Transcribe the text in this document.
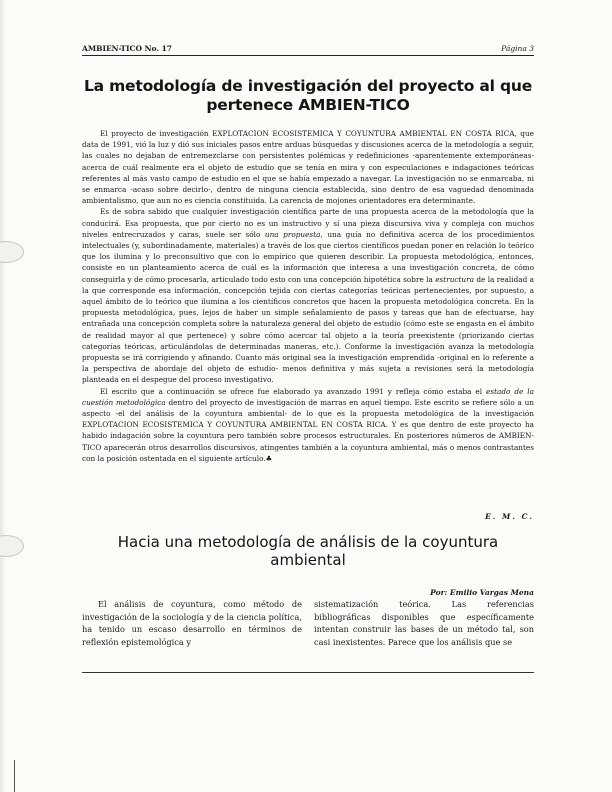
AMBIEN-TICO No. 17	Página 3
La metodología de investigación del proyecto al que pertenece AMBIEN-TICO

El proyecto de investigación EXPLOTACION ECOSISTEMICA Y COYUNTURA AMBIENTAL EN COSTA RICA, que data de 1991, vió la luz y dió sus iniciales pasos entre arduas búsquedas y discusiones acerca de la metodología a seguir, las cuales no dejaban de entremezclarse con persistentes polémicas y redefiniciones -aparentemente extemporáneas- acerca de cuál realmente era el objeto de estudio que se tenía en mira y con especulaciones e indagaciones teóricas referentes al más vasto campo de estudio en el que se había empezado a navegar. La investigación no se enmarcaba, ni se enmarca -acaso sobre decirlo-, dentro de ninguna ciencia establecida, sino dentro de esa vaguedad denominada ambientalismo, que aun no es ciencia constituida. La carencia de mojones orientadores era determinante.

Es de sobra sabido que cualquier investigación científica parte de una propuesta acerca de la metodología que la conducirá. Esa propuesta, que por cierto no es un instructivo y sí una pieza discursiva viva y compleja con muchos niveles entrecruzados y caras, suele ser sólo una propuesta, una guía no definitiva acerca de los procedimientos intelectuales (y, subordinadamente, materiales) a través de los que ciertos científicos puedan poner en relación lo teórico que los ilumina y lo preconsultivo que con lo empírico que quieren describir. La propuesta metodológica, entonces, consiste en un planteamiento acerca de cuál es la información que interesa a una investigación concreta, de cómo conseguirla y de cómo procesarla, articulado todo esto con una concepción hipotética sobre la estructura de la realidad a la que corresponde esa información, concepción tejida con ciertas categorías teóricas pertenecientes, por supuesto, a aquel ámbito de lo teórico que ilumina a los científicos concretos que hacen la propuesta metodológica concreta. En la propuesta metodológica, pues, lejos de haber un simple señalamiento de pasos y tareas que han de efectuarse, hay entrañada una concepción completa sobre la naturaleza general del objeto de estudio (cómo este se engasta en el ámbito de realidad mayor al que pertenece) y sobre cómo acercar tal objeto a la teoría preexistente (priorizando ciertas categorías teóricas, articulándolas de determinadas maneras, etc.). Conforme la investigación avanza la metodología propuesta se irá corrigiendo y afinando. Cuanto más original sea la investigación emprendida -original en lo referente a la perspectiva de abordaje del objeto de estudio- menos definitiva y más sujeta a revisiones será la metodología planteada en el despegue del proceso investigativo.

El escrito que a continuación se ofrece fue elaborado ya avanzado 1991 y refleja cómo estaba el estado de la cuestión metodológica dentro del proyecto de investigación de marras en aquel tiempo. Este escrito se refiere sólo a un aspecto -el del análisis de la coyuntura ambiental- de lo que es la propuesta metodológica de la investigación EXPLOTACION ECOSISTEMICA Y COYUNTURA AMBIENTAL EN COSTA RICA. Y es que dentro de este proyecto ha habido indagación sobre la coyuntura pero también sobre procesos estructurales. En posteriores números de AMBIEN-TICO aparecerán otros desarrollos discursivos, atingentes también a la coyuntura ambiental, más o menos contrastantes con la posición ostentada en el siguiente artículo.♣

E. M. C.
Hacia una metodología de análisis de la coyuntura ambiental
Por: Emilio Vargas Mena

El análisis de coyuntura, como método de investigación de la sociología y de la ciencia política, ha tenido un escaso desarrollo en términos de reflexión epistemológica y

sistematización teórica. Las referencias bibliográficas disponibles que específicamente intentan construir las bases de un método tal, son casi inexistentes. Parece que los análisis que se
